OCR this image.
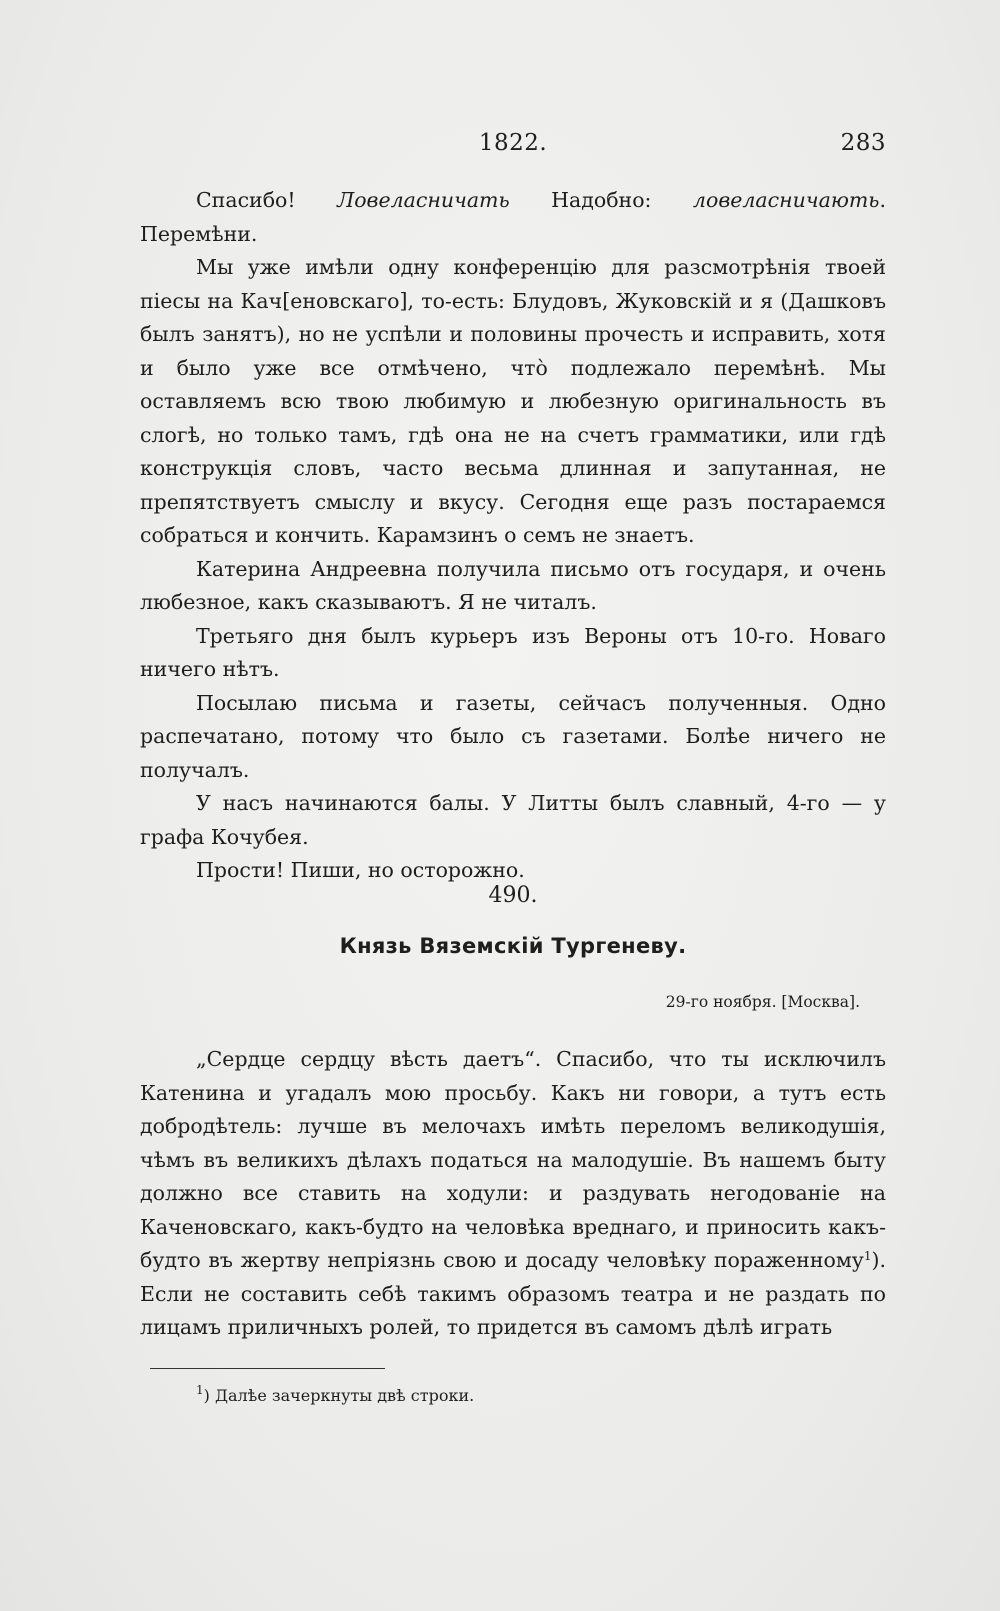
1822.	283

Спасибо! Ловеласничать Надобно: ловеласничають. Перемѣни.

Мы уже имѣли одну конференцію для разсмотрѣнія твоей піесы на Кач[еновскаго], то-есть: Блудовъ, Жуковскій и я (Дашковъ былъ занятъ), но не успѣли и половины прочесть и исправить, хотя и было уже все отмѣчено, что̀ подлежало перемѣнѣ. Мы оставляемъ всю твою любимую и любезную оригинальность въ слогѣ, но только тамъ, гдѣ она не на счетъ грамматики, или гдѣ конструкція словъ, часто весьма длинная и запутанная, не препятствуетъ смыслу и вкусу. Сегодня еще разъ постараемся собраться и кончить. Карамзинъ о семъ не знаетъ.

Катерина Андреевна получила письмо отъ государя, и очень любезное, какъ сказываютъ. Я не читалъ.

Третьяго дня былъ курьеръ изъ Вероны отъ 10-го. Новаго ничего нѣтъ.

Посылаю письма и газеты, сейчасъ полученныя. Одно распечатано, потому что было съ газетами. Болѣе ничего не получалъ.

У насъ начинаются балы. У Литты былъ славный, 4-го — у графа Кочубея.

Прости! Пиши, но осторожно.

490.
Князь Вяземскій Тургеневу.
29-го ноября. [Москва].

„Сердце сердцу вѣсть даетъ“. Спасибо, что ты исключилъ Катенина и угадалъ мою просьбу. Какъ ни говори, а тутъ есть добродѣтель: лучше въ мелочахъ имѣть переломъ великодушія, чѣмъ въ великихъ дѣлахъ податься на малодушіе. Въ нашемъ быту должно все ставить на ходули: и раздувать негодованіе на Каченовскаго, какъ-будто на человѣка вреднаго, и приносить какъ-будто въ жертву непріязнь свою и досаду человѣку пораженному$^1$). Если не составить себѣ такимъ образомъ театра и не раздать по лицамъ приличныхъ ролей, то придется въ самомъ дѣлѣ играть

$^1$) Далѣе зачеркнуты двѣ строки.
